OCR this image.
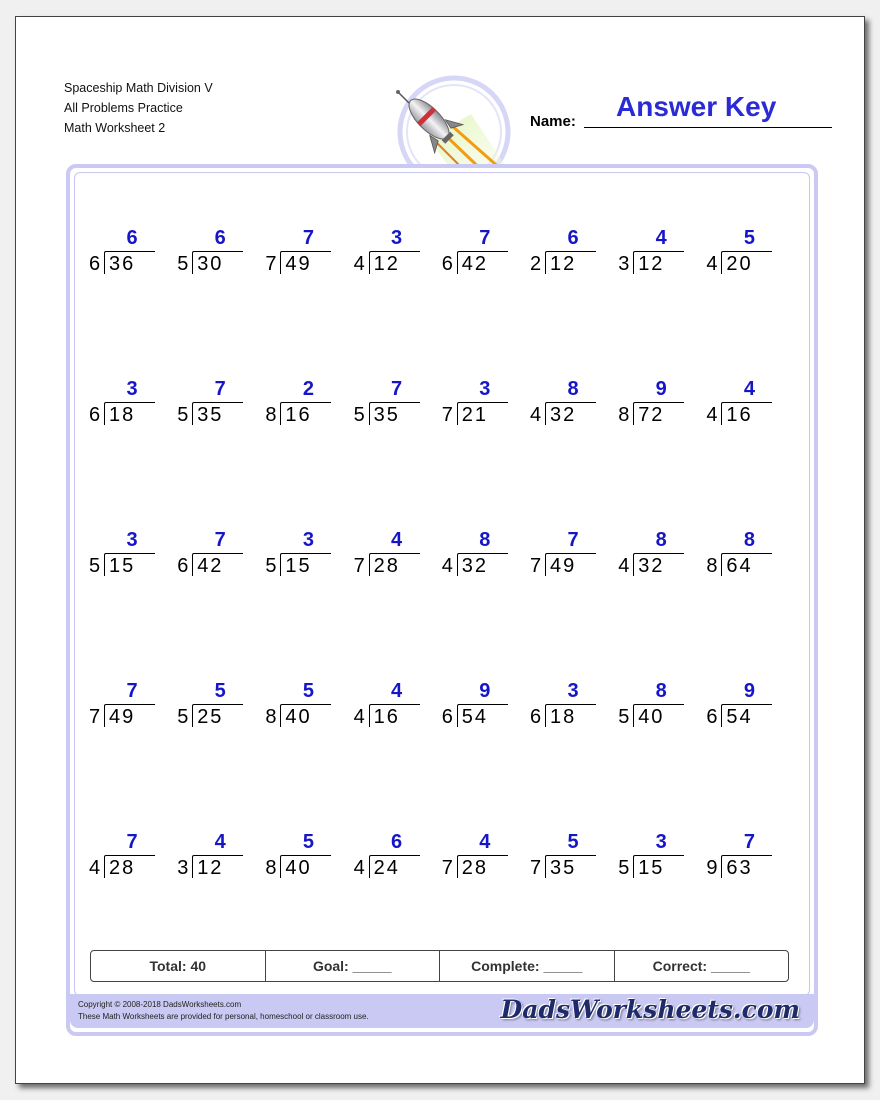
Spaceship Math Division V
All Problems Practice
Math Worksheet 2	Name: Answer Key
6
6 36
6
5 30
7
7 49
3
4 12
7
6 42
6
2 12
4
3 12
5
4 20
3
6 18
7
5 35
2
8 16
7
5 35
3
7 21
8
4 32
9
8 72
4
4 16
3
5 15
7
6 42
3
5 15
4
7 28
8
4 32
7
7 49
8
4 32
8
8 64
7
7 49
5
5 25
5
8 40
4
4 16
9
6 54
3
6 18
8
5 40
9
6 54
7
4 28
4
3 12
5
8 40
6
4 24
4
7 28
5
7 35
3
5 15
7
9 63
Total: 40	Goal: _____	Complete: _____	Correct: _____
Copyright © 2008-2018 DadsWorksheets.com
These Math Worksheets are provided for personal, homeschool or classroom use.	DadsWorksheets.com
